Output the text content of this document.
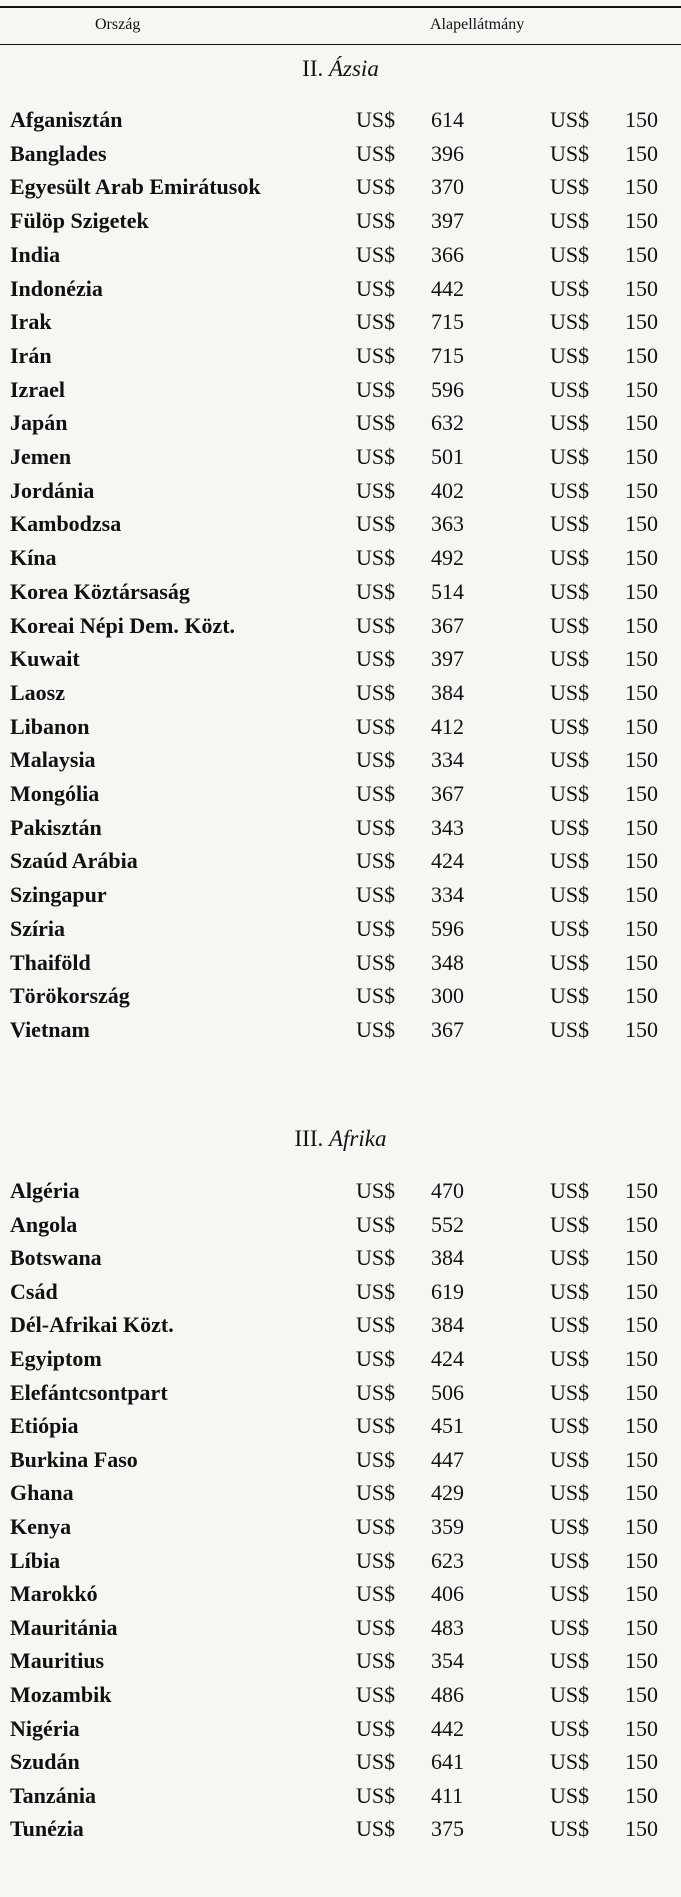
Ország	Alapellátmány
II. Ázsia
Afganisztán	US$ 614	US$ 150
Banglades	US$ 396	US$ 150
Egyesült Arab Emirátusok	US$ 370	US$ 150
Fülöp Szigetek	US$ 397	US$ 150
India	US$ 366	US$ 150
Indonézia	US$ 442	US$ 150
Irak	US$ 715	US$ 150
Irán	US$ 715	US$ 150
Izrael	US$ 596	US$ 150
Japán	US$ 632	US$ 150
Jemen	US$ 501	US$ 150
Jordánia	US$ 402	US$ 150
Kambodzsa	US$ 363	US$ 150
Kína	US$ 492	US$ 150
Korea Köztársaság	US$ 514	US$ 150
Koreai Népi Dem. Közt.	US$ 367	US$ 150
Kuwait	US$ 397	US$ 150
Laosz	US$ 384	US$ 150
Libanon	US$ 412	US$ 150
Malaysia	US$ 334	US$ 150
Mongólia	US$ 367	US$ 150
Pakisztán	US$ 343	US$ 150
Szaúd Arábia	US$ 424	US$ 150
Szingapur	US$ 334	US$ 150
Szíria	US$ 596	US$ 150
Thaiföld	US$ 348	US$ 150
Törökország	US$ 300	US$ 150
Vietnam	US$ 367	US$ 150
III. Afrika
Algéria	US$ 470	US$ 150
Angola	US$ 552	US$ 150
Botswana	US$ 384	US$ 150
Csád	US$ 619	US$ 150
Dél-Afrikai Közt.	US$ 384	US$ 150
Egyiptom	US$ 424	US$ 150
Elefántcsontpart	US$ 506	US$ 150
Etiópia	US$ 451	US$ 150
Burkina Faso	US$ 447	US$ 150
Ghana	US$ 429	US$ 150
Kenya	US$ 359	US$ 150
Líbia	US$ 623	US$ 150
Marokkó	US$ 406	US$ 150
Mauritánia	US$ 483	US$ 150
Mauritius	US$ 354	US$ 150
Mozambik	US$ 486	US$ 150
Nigéria	US$ 442	US$ 150
Szudán	US$ 641	US$ 150
Tanzánia	US$ 411	US$ 150
Tunézia	US$ 375	US$ 150
